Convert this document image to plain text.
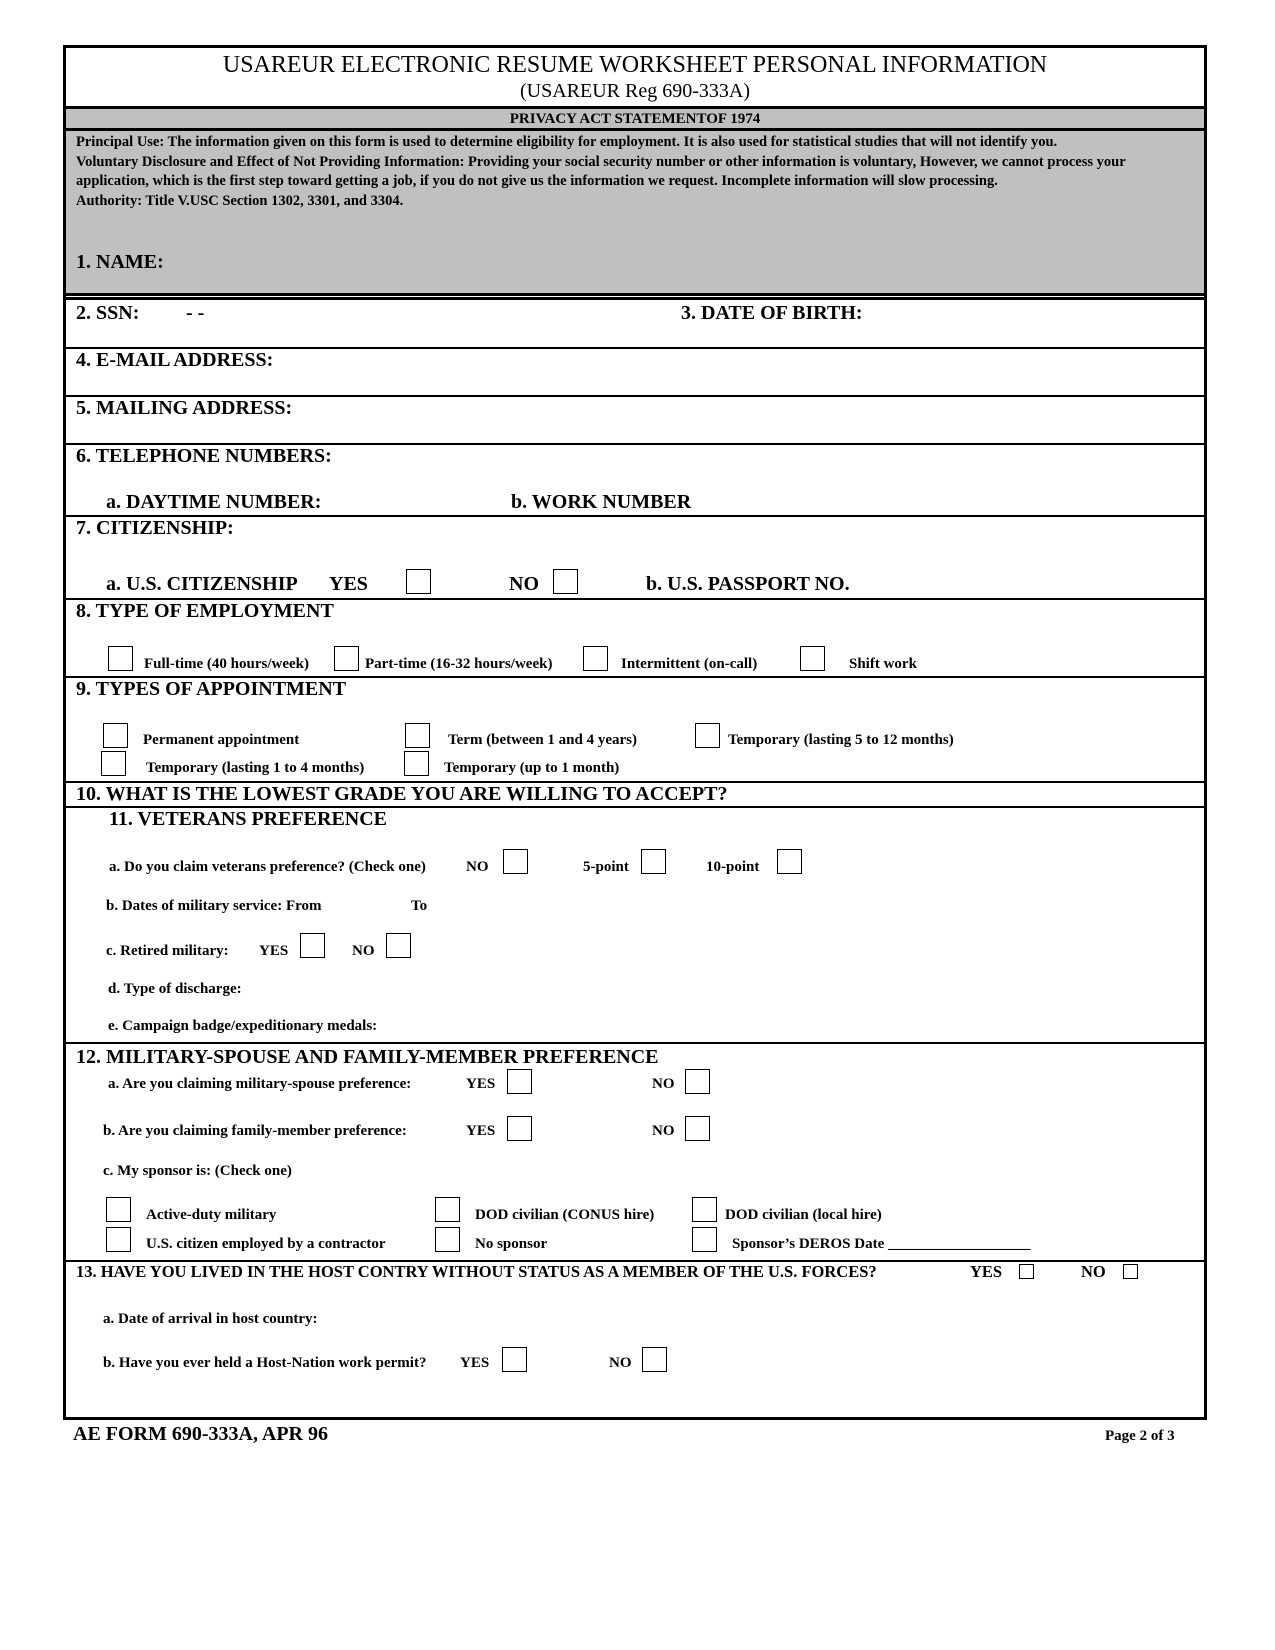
USAREUR ELECTRONIC RESUME WORKSHEET PERSONAL INFORMATION
(USAREUR Reg 690-333A)
PRIVACY ACT STATEMENTOF 1974

Principal Use: The information given on this form is used to determine eligibility for employment. It is also used for statistical studies that will not identify you.

Voluntary Disclosure and Effect of Not Providing Information: Providing your social security number or other information is voluntary, However, we cannot process your application, which is the first step toward getting a job, if you do not give us the information we request. Incomplete information will slow processing.

Authority: Title V.USC Section 1302, 3301, and 3304.

1. NAME:
2. SSN: - -	3. DATE OF BIRTH:
4. E-MAIL ADDRESS:
5. MAILING ADDRESS:
6. TELEPHONE NUMBERS:
a. DAYTIME NUMBER:	b. WORK NUMBER
7. CITIZENSHIP:
a. U.S. CITIZENSHIP YES	NO	b. U.S. PASSPORT NO.
8. TYPE OF EMPLOYMENT
Full-time (40 hours/week)	Part-time (16-32 hours/week)	Intermittent (on-call)	Shift work
9. TYPES OF APPOINTMENT
Permanent appointment	Term (between 1 and 4 years)	Temporary (lasting 5 to 12 months)
Temporary (lasting 1 to 4 months)	Temporary (up to 1 month)
10. WHAT IS THE LOWEST GRADE YOU ARE WILLING TO ACCEPT?
11. VETERANS PREFERENCE
a. Do you claim veterans preference? (Check one)	NO	5-point	10-point
b. Dates of military service: From	To
c. Retired military: YES	NO
d. Type of discharge:
e. Campaign badge/expeditionary medals:
12. MILITARY-SPOUSE AND FAMILY-MEMBER PREFERENCE
a. Are you claiming military-spouse preference:	YES	NO
b. Are you claiming family-member preference:	YES	NO
c. My sponsor is: (Check one)
Active-duty military	DOD civilian (CONUS hire)	DOD civilian (local hire)
U.S. citizen employed by a contractor	No sponsor	Sponsor’s DEROS Date ___________________
13. HAVE YOU LIVED IN THE HOST CONTRY WITHOUT STATUS AS A MEMBER OF THE U.S. FORCES?	YES	NO
a. Date of arrival in host country:
b. Have you ever held a Host-Nation work permit? YES	NO
AE FORM 690-333A, APR 96	Page 2 of 3
